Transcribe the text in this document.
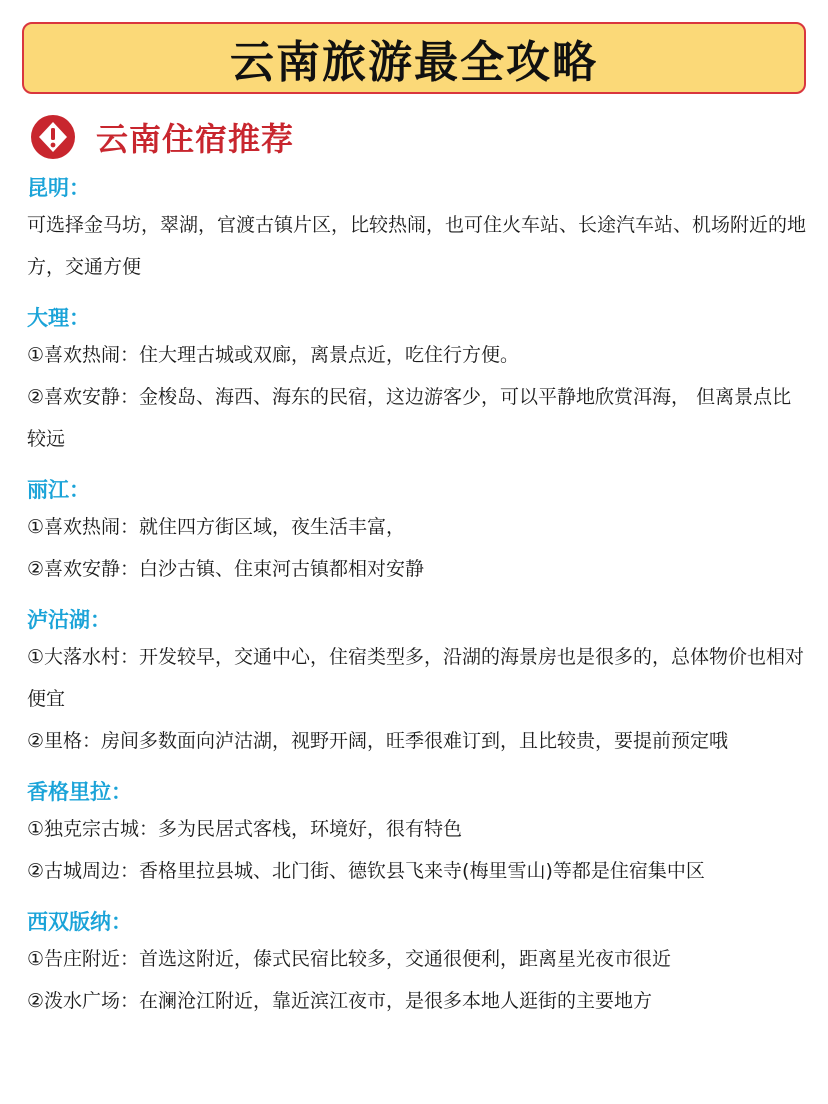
云南旅游最全攻略
云南住宿推荐
昆明：
可选择金马坊，翠湖，官渡古镇片区，比较热闹，也可住火车站、长途汽车站、机场附近的地方，交通方便
大理：
①喜欢热闹：住大理古城或双廊，离景点近，吃住行方便。
②喜欢安静：金梭岛、海西、海东的民宿，这边游客少，可以平静地欣赏洱海， 但离景点比较远
丽江：
①喜欢热闹：就住四方街区域，夜生活丰富，
②喜欢安静：白沙古镇、住束河古镇都相对安静
泸沽湖：
①大落水村：开发较早，交通中心，住宿类型多，沿湖的海景房也是很多的，总体物价也相对便宜
②里格：房间多数面向泸沽湖，视野开阔，旺季很难订到，且比较贵，要提前预定哦
香格里拉：
①独克宗古城：多为民居式客栈，环境好，很有特色
②古城周边：香格里拉县城、北门街、德钦县飞来寺(梅里雪山)等都是住宿集中区
西双版纳：
①告庄附近：首选这附近，傣式民宿比较多，交通很便利，距离星光夜市很近
②泼水广场：在澜沧江附近，靠近滨江夜市，是很多本地人逛街的主要地方
